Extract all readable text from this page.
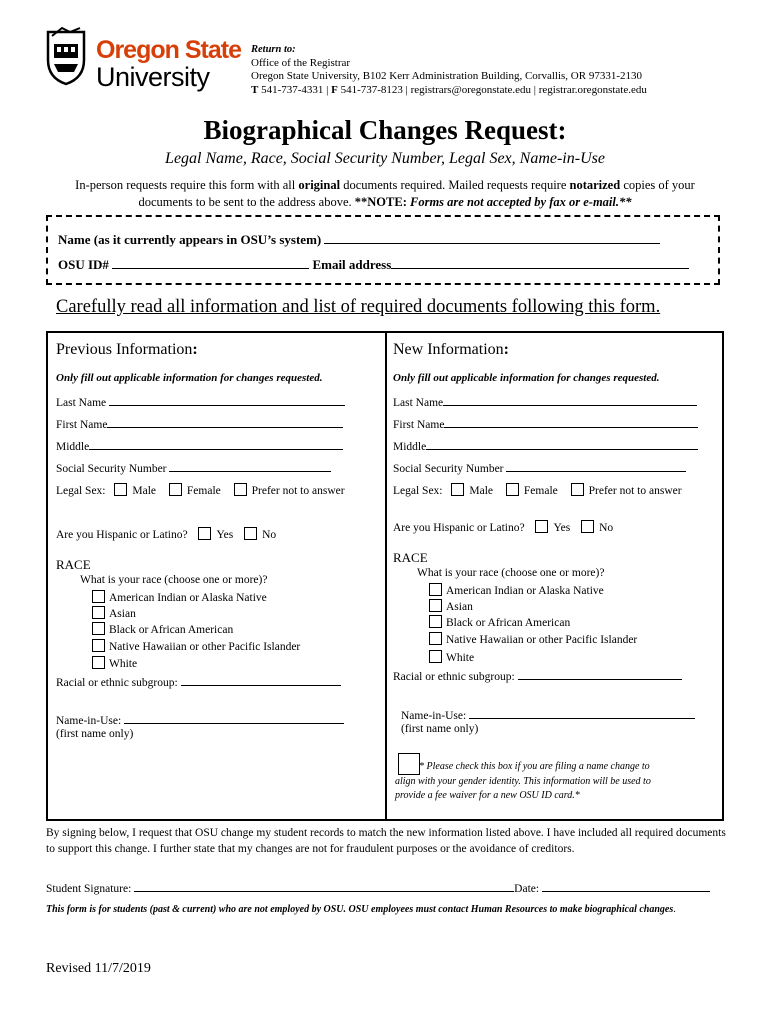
Oregon State
University
Return to:
Office of the Registrar
Oregon State University, B102 Kerr Administration Building, Corvallis, OR 97331-2130
T 541-737-4331 | F 541-737-8123 | registrars@oregonstate.edu | registrar.oregonstate.edu
Biographical Changes Request:
Legal Name, Race, Social Security Number, Legal Sex, Name-in-Use
In-person requests require this form with all original documents required. Mailed requests require notarized copies of your documents to be sent to the address above. **NOTE: Forms are not accepted by fax or e-mail.**
Name (as it currently appears in OSU’s system)
OSU ID#	Email address
Carefully read all information and list of required documents following this form.
Previous Information:
Only fill out applicable information for changes requested.
Last Name
First Name
Middle
Social Security Number
Legal Sex: Male	Female	Prefer not to answer
Are you Hispanic or Latino?	Yes	No
RACE
What is your race (choose one or more)?
American Indian or Alaska Native
Asian
Black or African American
Native Hawaiian or other Pacific Islander
White
Racial or ethnic subgroup:
Name-in-Use:
(first name only)
New Information:
Only fill out applicable information for changes requested.
Last Name
First Name
Middle
Social Security Number
Legal Sex: Male	Female	Prefer not to answer
Are you Hispanic or Latino?	Yes	No
RACE
What is your race (choose one or more)?
American Indian or Alaska Native
Asian
Black or African American
Native Hawaiian or other Pacific Islander
White
Racial or ethnic subgroup:
Name-in-Use:
(first name only)
* Please check this box if you are filing a name change to
align with your gender identity. This information will be used to
provide a fee waiver for a new OSU ID card.*
By signing below, I request that OSU change my student records to match the new information listed above. I have included all required documents to support this change. I further state that my changes are not for fraudulent purposes or the avoidance of creditors.
Student Signature:	Date:
This form is for students (past & current) who are not employed by OSU. OSU employees must contact Human Resources to make biographical changes.
Revised 11/7/2019
